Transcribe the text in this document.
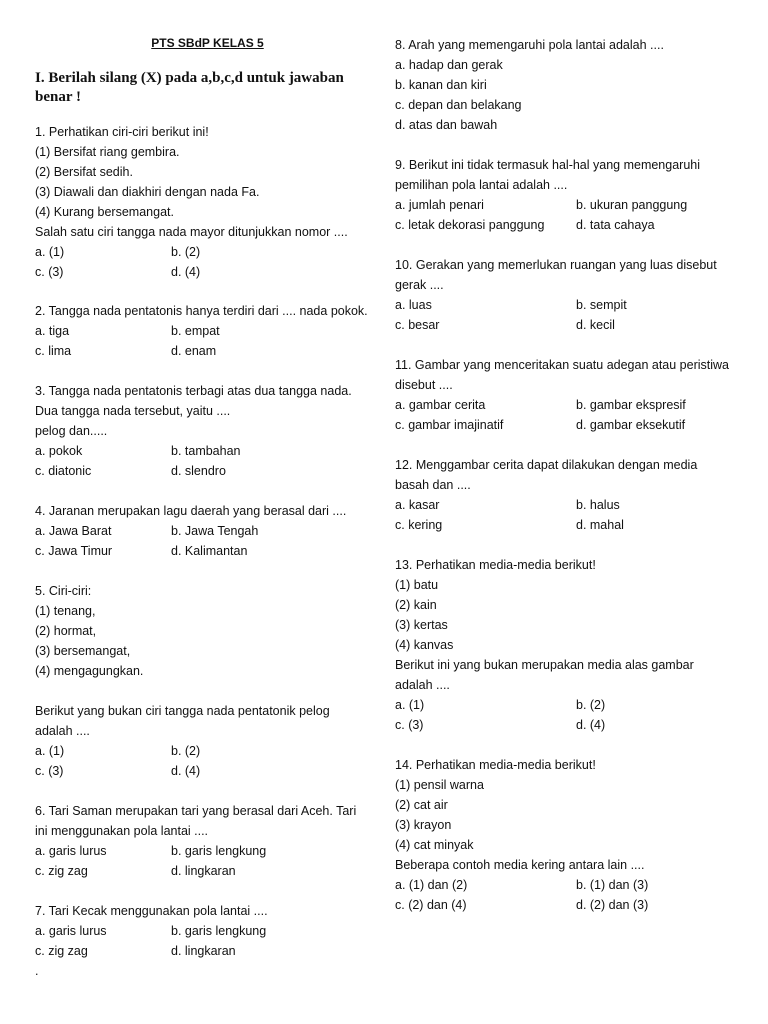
PTS SBdP KELAS 5
I. Berilah silang (X) pada a,b,c,d untuk jawaban benar !
1. Perhatikan ciri-ciri berikut ini!
(1) Bersifat riang gembira.
(2) Bersifat sedih.
(3) Diawali dan diakhiri dengan nada Fa.
(4) Kurang bersemangat.
Salah satu ciri tangga nada mayor ditunjukkan nomor ....
a. (1)	b. (2)
c. (3)	d. (4)
2. Tangga nada pentatonis hanya terdiri dari .... nada pokok.
a. tiga	b. empat
c. lima	d. enam
3. Tangga nada pentatonis terbagi atas dua tangga nada.
Dua tangga nada tersebut, yaitu ....
pelog dan.....
a. pokok	b. tambahan
c. diatonic	d. slendro
4. Jaranan merupakan lagu daerah yang berasal dari ....
a. Jawa Barat	b. Jawa Tengah
c. Jawa Timur	d. Kalimantan
5. Ciri-ciri:
(1) tenang,
(2) hormat,
(3) bersemangat,
(4) mengagungkan.
Berikut yang bukan ciri tangga nada pentatonik pelog
adalah ....
a. (1)	b. (2)
c. (3)	d. (4)
6. Tari Saman merupakan tari yang berasal dari Aceh. Tari
ini menggunakan pola lantai ....
a. garis lurus	b. garis lengkung
c. zig zag	d. lingkaran
7. Tari Kecak menggunakan pola lantai ....
a. garis lurus	b. garis lengkung
c. zig zag	d. lingkaran
.
8. Arah yang memengaruhi pola lantai adalah ....
a. hadap dan gerak
b. kanan dan kiri
c. depan dan belakang
d. atas dan bawah
9. Berikut ini tidak termasuk hal-hal yang memengaruhi
pemilihan pola lantai adalah ....
a. jumlah penari	b. ukuran panggung
c. letak dekorasi panggung	d. tata cahaya
10. Gerakan yang memerlukan ruangan yang luas disebut
gerak ....
a. luas	b. sempit
c. besar	d. kecil
11. Gambar yang menceritakan suatu adegan atau peristiwa
disebut ....
a. gambar cerita	b. gambar ekspresif
c. gambar imajinatif	d. gambar eksekutif
12. Menggambar cerita dapat dilakukan dengan media
basah dan ....
a. kasar	b. halus
c. kering	d. mahal
13. Perhatikan media-media berikut!
(1) batu
(2) kain
(3) kertas
(4) kanvas
Berikut ini yang bukan merupakan media alas gambar
adalah ....
a. (1)	b. (2)
c. (3)	d. (4)
14. Perhatikan media-media berikut!
(1) pensil warna
(2) cat air
(3) krayon
(4) cat minyak
Beberapa contoh media kering antara lain ....
a. (1) dan (2)	b. (1) dan (3)
c. (2) dan (4)	d. (2) dan (3)
